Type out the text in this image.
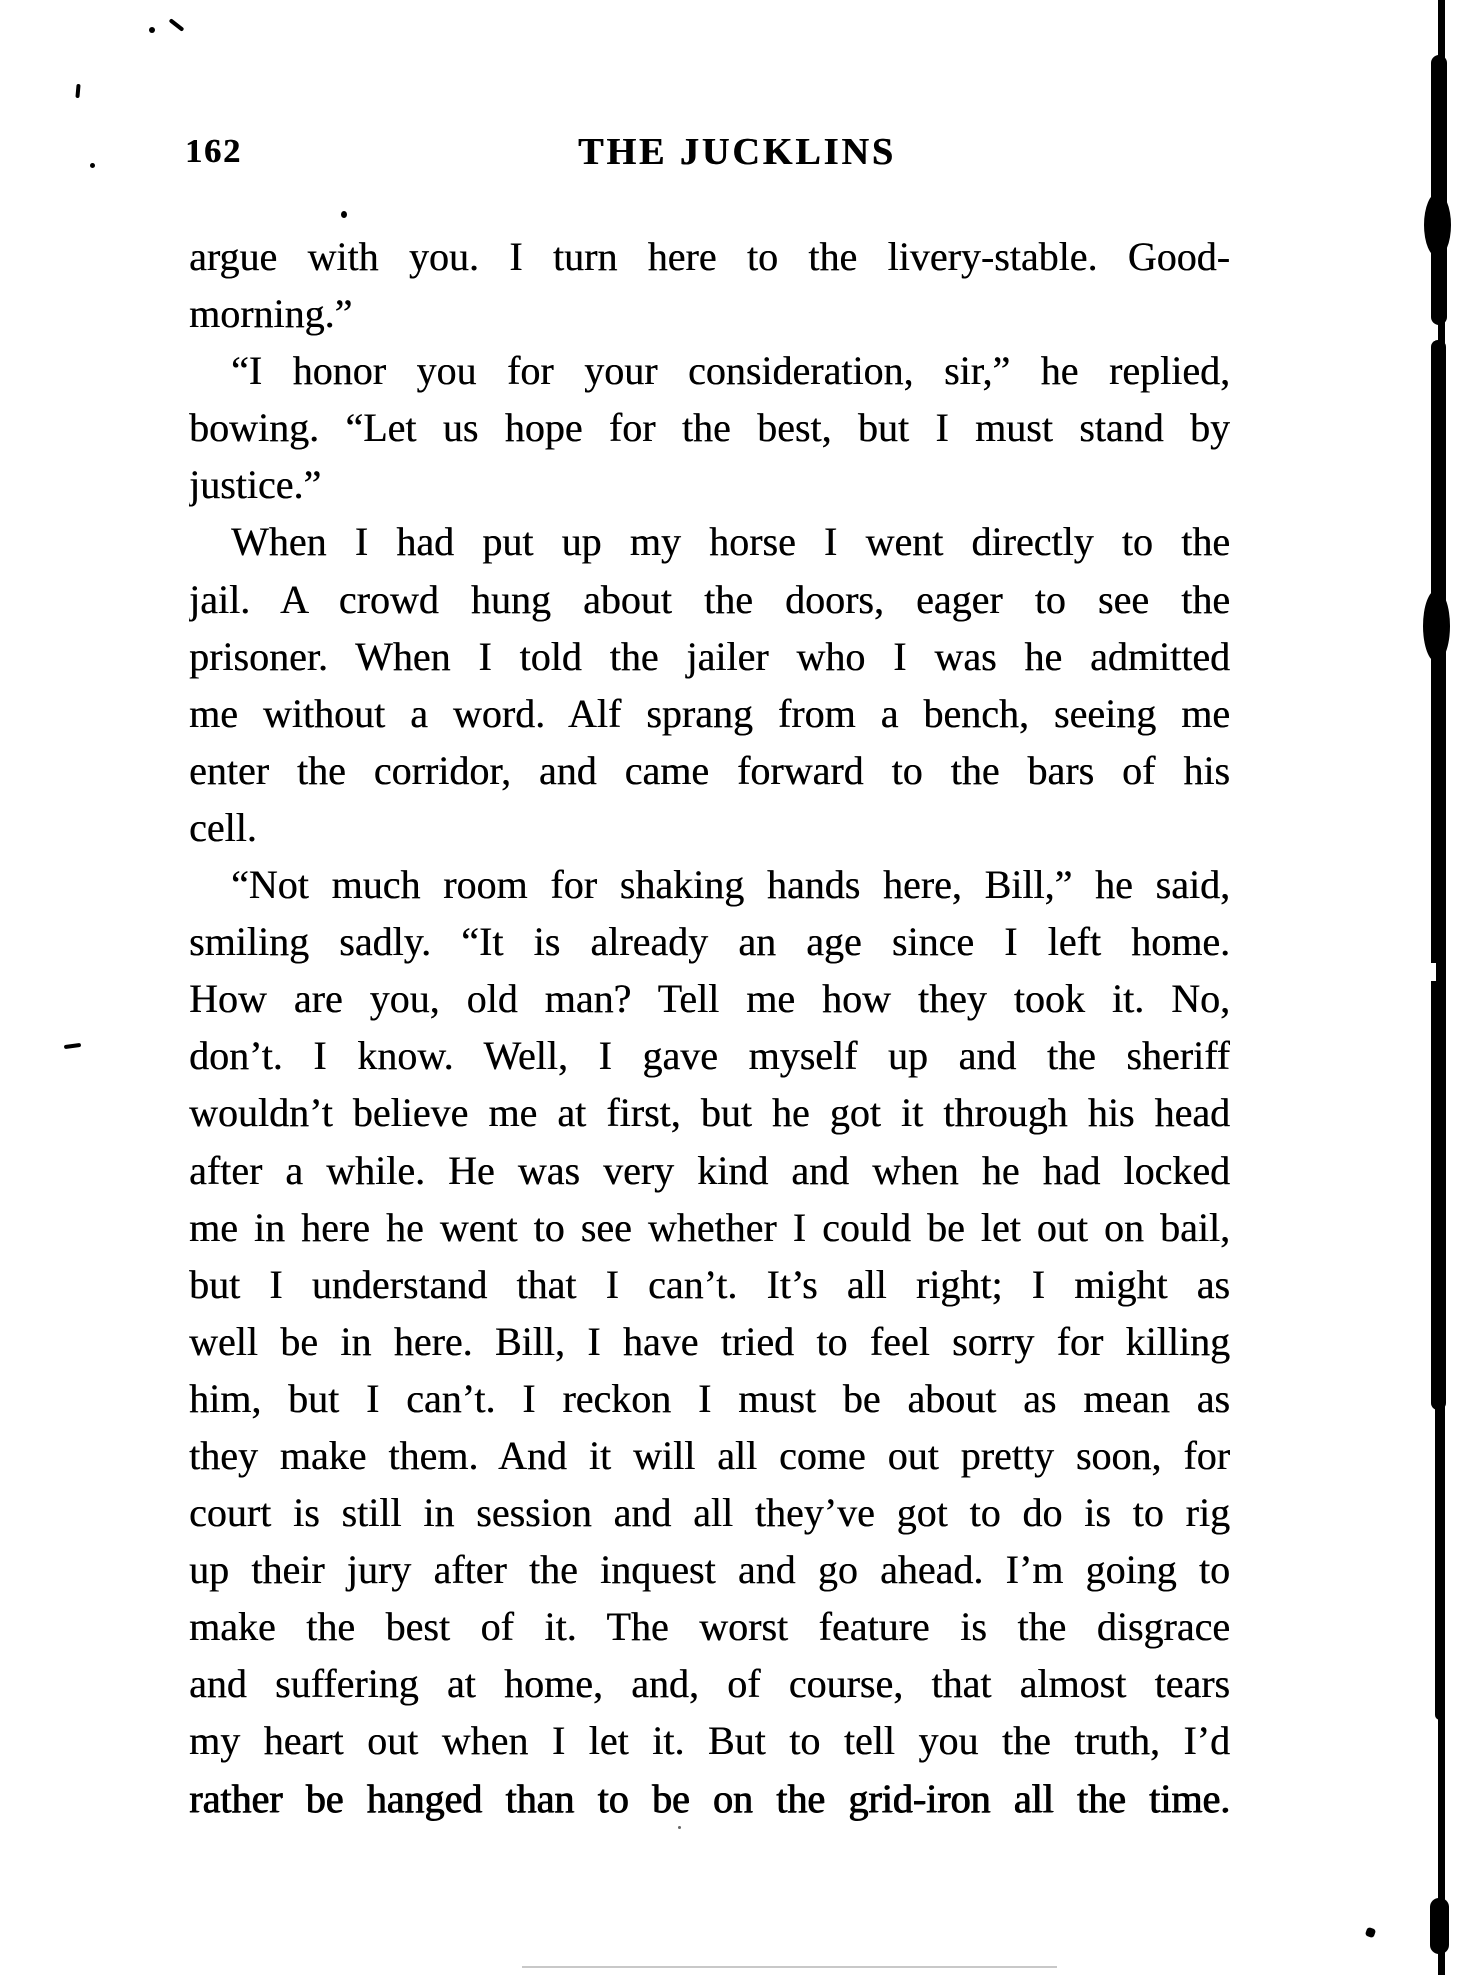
162	THE JUCKLINS
argue with you. I turn here to the livery-stable. Good-
morning.”
“I honor you for your consideration, sir,” he replied,
bowing. “Let us hope for the best, but I must stand by
justice.”
When I had put up my horse I went directly to the
jail. A crowd hung about the doors, eager to see the
prisoner. When I told the jailer who I was he admitted
me without a word. Alf sprang from a bench, seeing me
enter the corridor, and came forward to the bars of his
cell.
“Not much room for shaking hands here, Bill,” he said,
smiling sadly. “It is already an age since I left home.
How are you, old man? Tell me how they took it. No,
don’t. I know. Well, I gave myself up and the sheriff
wouldn’t believe me at first, but he got it through his head
after a while. He was very kind and when he had locked
me in here he went to see whether I could be let out on bail,
but I understand that I can’t. It’s all right; I might as
well be in here. Bill, I have tried to feel sorry for killing
him, but I can’t. I reckon I must be about as mean as
they make them. And it will all come out pretty soon, for
court is still in session and all they’ve got to do is to rig
up their jury after the inquest and go ahead. I’m going to
make the best of it. The worst feature is the disgrace
and suffering at home, and, of course, that almost tears
my heart out when I let it. But to tell you the truth, I’d
rather be hanged than to be on the grid-iron all the time.
